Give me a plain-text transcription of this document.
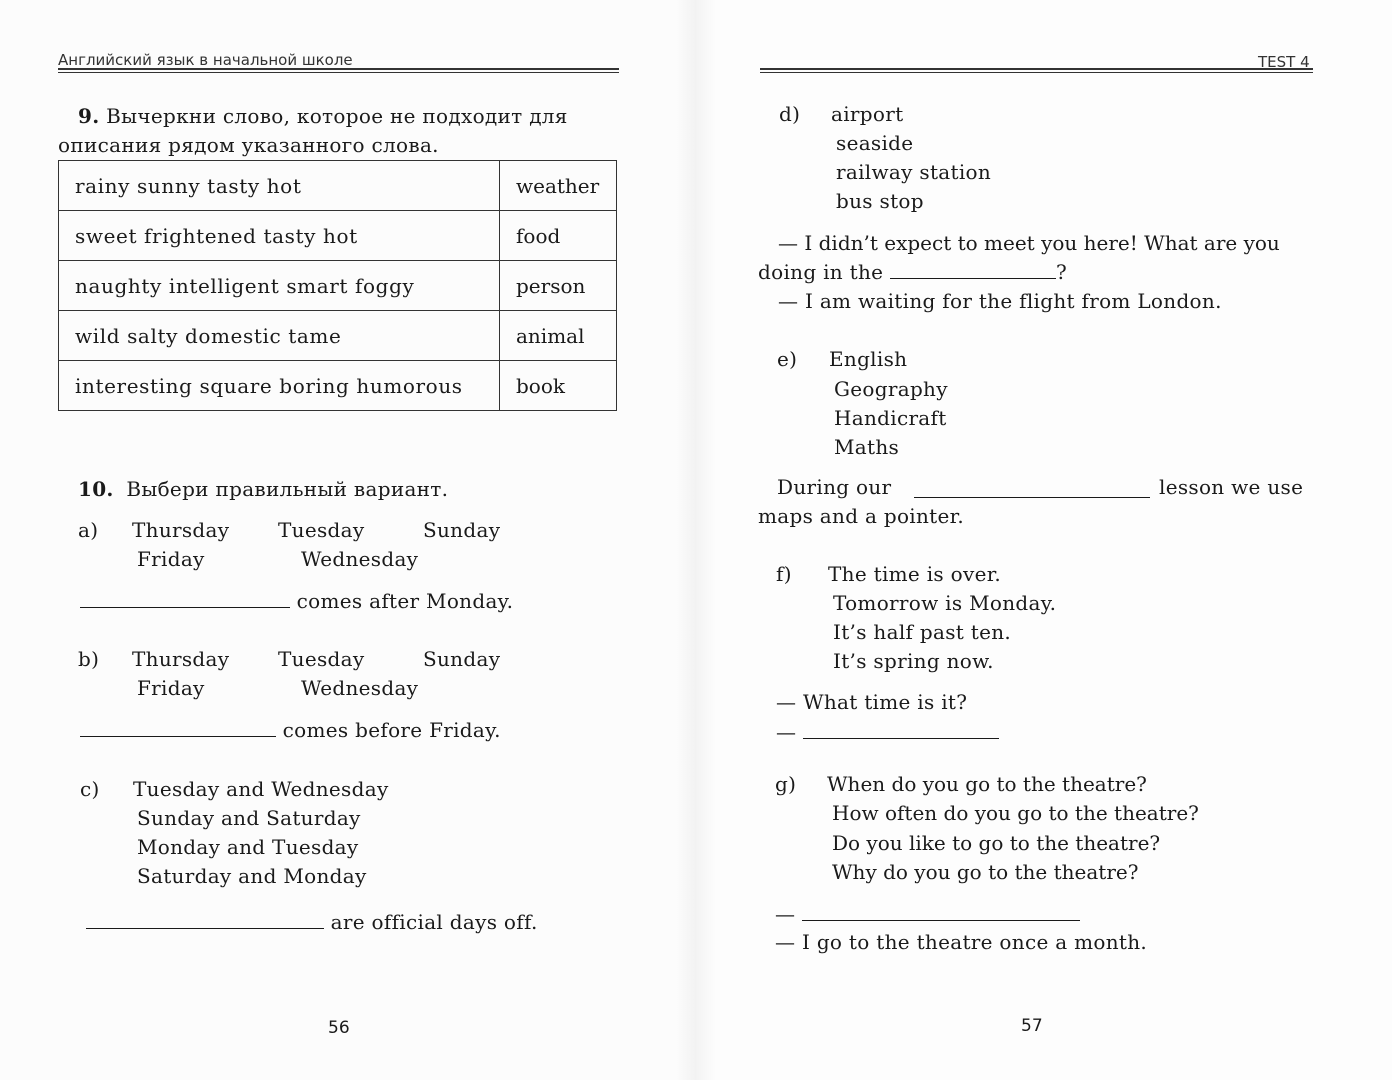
Английский язык в начальной школе
9. Вычеркни слово, которое не подходит для
описания рядом указанного слова.
rainy sunny tasty hot	weather
sweet frightened tasty hot	food
naughty intelligent smart foggy	person
wild salty domestic tame	animal
interesting square boring humorous	book
10. Выбери правильный вариант.
a) Thursday Tuesday	Sunday
Friday	Wednesday
comes after Monday.
b) Thursday Tuesday	Sunday
Friday	Wednesday
comes before Friday.
c) Tuesday and Wednesday
Sunday and Saturday
Monday and Tuesday
Saturday and Monday
are official days off.
56
TEST 4
d) airport
seaside
railway station
bus stop
— I didn’t expect to meet you here! What are you
doing in the	?
— I am waiting for the flight from London.
e) English
Geography
Handicraft
Maths
During our	lesson we use
maps and a pointer.
f) The time is over.
Tomorrow is Monday.
It’s half past ten.
It’s spring now.
— What time is it?
—
g) When do you go to the theatre?
How often do you go to the theatre?
Do you like to go to the theatre?
Why do you go to the theatre?
—
— I go to the theatre once a month.
57
